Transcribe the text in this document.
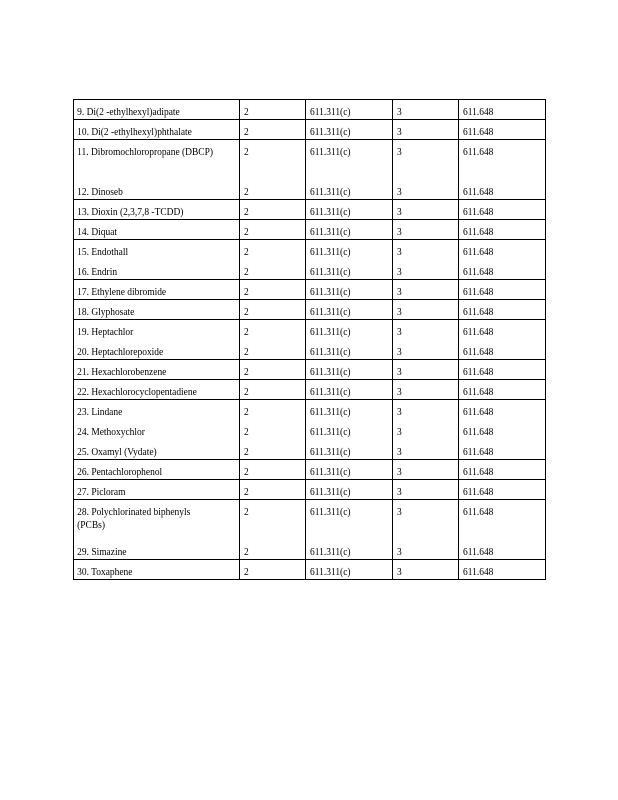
9. Di(2 -ethylhexyl)adipate	2	611.311(c)	3	611.648
10. Di(2 -ethylhexyl)phthalate	2	611.311(c)	3	611.648
11. Dibromochloropropane (DBCP)	2	611.311(c)	3	611.648
12. Dinoseb	2	611.311(c)	3	611.648
13. Dioxin (2,3,7,8 -TCDD)	2	611.311(c)	3	611.648
14. Diquat	2	611.311(c)	3	611.648
15. Endothall	2	611.311(c)	3	611.648
16. Endrin	2	611.311(c)	3	611.648
17. Ethylene dibromide	2	611.311(c)	3	611.648
18. Glyphosate	2	611.311(c)	3	611.648
19. Heptachlor	2	611.311(c)	3	611.648
20. Heptachlorepoxide	2	611.311(c)	3	611.648
21. Hexachlorobenzene	2	611.311(c)	3	611.648
22. Hexachlorocyclopentadiene	2	611.311(c)	3	611.648
23. Lindane	2	611.311(c)	3	611.648
24. Methoxychlor	2	611.311(c)	3	611.648
25. Oxamyl (Vydate)	2	611.311(c)	3	611.648
26. Pentachlorophenol	2	611.311(c)	3	611.648
27. Picloram	2	611.311(c)	3	611.648
28. Polychlorinated biphenyls (PCBs)	2	611.311(c)	3	611.648
29. Simazine	2	611.311(c)	3	611.648
30. Toxaphene	2	611.311(c)	3	611.648
